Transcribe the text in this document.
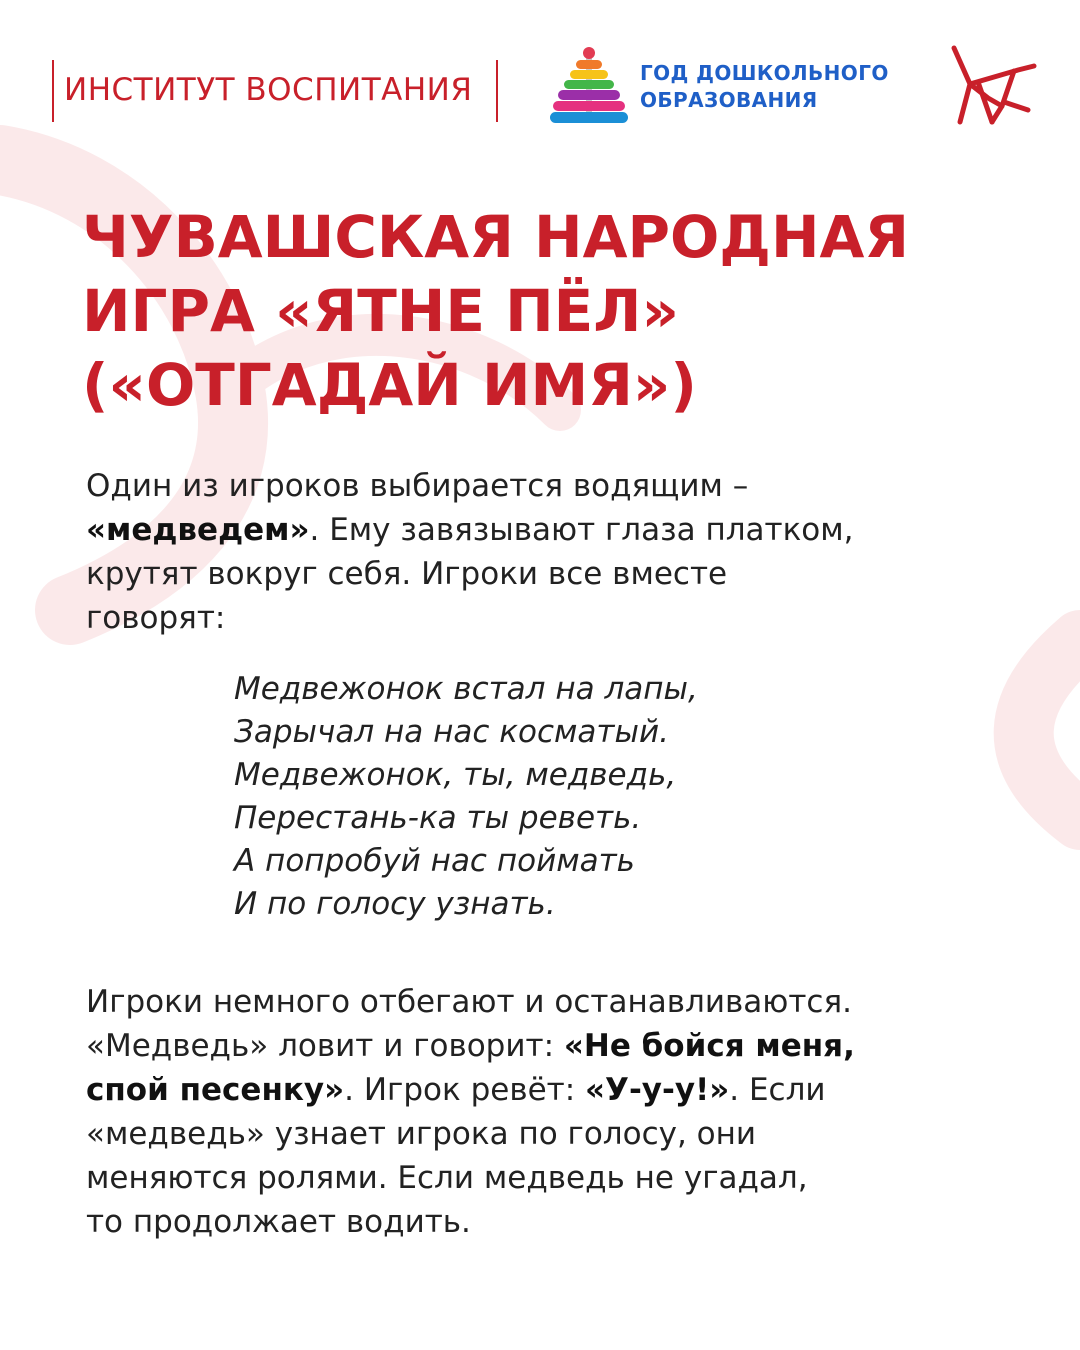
ИНСТИТУТ ВОСПИТАНИЯ	ГОД ДОШКОЛЬНОГО
ОБРАЗОВАНИЯ
ЧУВАШСКАЯ НАРОДНАЯ
ИГРА «ЯТНЕ ПЁЛ»
(«ОТГАДАЙ ИМЯ»)
Один из игроков выбирается водящим –
«медведем». Ему завязывают глаза платком,
крутят вокруг себя. Игроки все вместе
говорят:
Медвежонок встал на лапы,
Зарычал на нас косматый.
Медвежонок, ты, медведь,
Перестань-ка ты реветь.
А попробуй нас поймать
И по голосу узнать.
Игроки немного отбегают и останавливаются.
«Медведь» ловит и говорит: «Не бойся меня,
спой песенку». Игрок ревёт: «У-у-у!». Если
«медведь» узнает игрока по голосу, они
меняются ролями. Если медведь не угадал,
то продолжает водить.
